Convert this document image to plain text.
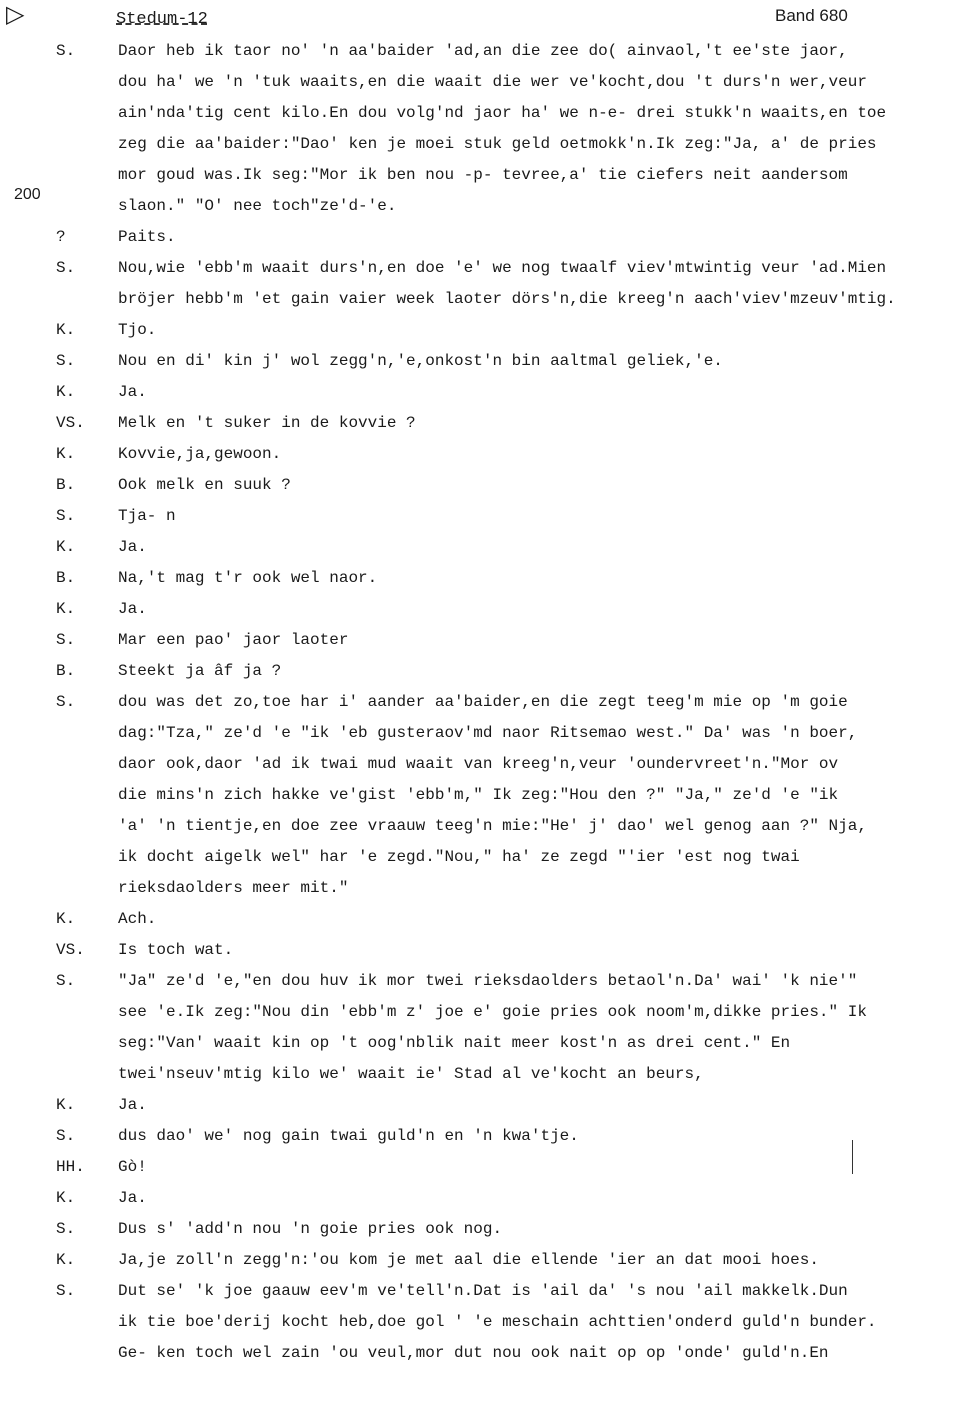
▷	Stedum-12	Band 680
200
S.	Daor heb ik taor no' 'n aa'baider 'ad,an die zee do( ainvaol,'t ee'ste jaor,
dou ha' we 'n 'tuk waaits,en die waait die wer ve'kocht,dou 't durs'n wer,veur
ain'nda'tig cent kilo.En dou volg'nd jaor ha' we n-e- drei stukk'n waaits,en toe
zeg die aa'baider:"Dao' ken je moei stuk geld oetmokk'n.Ik zeg:"Ja, a' de pries
mor goud was.Ik seg:"Mor ik ben nou -p- tevree,a' tie ciefers neit aandersom
slaon." "O' nee toch"ze'd-'e.
?	Paits.
S.	Nou,wie 'ebb'm waait durs'n,en doe 'e' we nog twaalf viev'mtwintig veur 'ad.Mien
bröjer hebb'm 'et gain vaier week laoter dörs'n,die kreeg'n aach'viev'mzeuv'mtig.
K.	Tjo.
S.	Nou en di' kin j' wol zegg'n,'e,onkost'n bin aaltmal geliek,'e.
K.	Ja.
VS.	Melk en 't suker in de kovvie ?
K.	Kovvie,ja,gewoon.
B.	Ook melk en suuk ?
S.	Tja- n
K.	Ja.
B.	Na,'t mag t'r ook wel naor.
K.	Ja.
S.	Mar een pao' jaor laoter
B.	Steekt ja âf ja ?
S.	dou was det zo,toe har i' aander aa'baider,en die zegt teeg'm mie op 'm goie
dag:"Tza," ze'd 'e "ik 'eb gusteraov'md naor Ritsemao west." Da' was 'n boer,
daor ook,daor 'ad ik twai mud waait van kreeg'n,veur 'oundervreet'n."Mor ov
die mins'n zich hakke ve'gist 'ebb'm," Ik zeg:"Hou den ?" "Ja," ze'd 'e "ik
'a' 'n tientje,en doe zee vraauw teeg'n mie:"He' j' dao' wel genog aan ?" Nja,
ik docht aigelk wel" har 'e zegd."Nou," ha' ze zegd "'ier 'est nog twai
rieksdaolders meer mit."
K.	Ach.
VS.	Is toch wat.
S.	"Ja" ze'd 'e,"en dou huv ik mor twei rieksdaolders betaol'n.Da' wai' 'k nie'"
see 'e.Ik zeg:"Nou din 'ebb'm z' joe e' goie pries ook noom'm,dikke pries." Ik
seg:"Van' waait kin op 't oog'nblik nait meer kost'n as drei cent." En
twei'nseuv'mtig kilo we' waait ie' Stad al ve'kocht an beurs,
K.	Ja.
S.	dus dao' we' nog gain twai guld'n en 'n kwa'tje.
HH.	Gò!
K.	Ja.
S.	Dus s' 'add'n nou 'n goie pries ook nog.
K.	Ja,je zoll'n zegg'n:'ou kom je met aal die ellende 'ier an dat mooi hoes.
S.	Dut se' 'k joe gaauw eev'm ve'tell'n.Dat is 'ail da' 's nou 'ail makkelk.Dun
ik tie boe'derij kocht heb,doe gol ' 'e meschain achttien'onderd guld'n bunder.
Ge- ken toch wel zain 'ou veul,mor dut nou ook nait op op 'onde' guld'n.En
